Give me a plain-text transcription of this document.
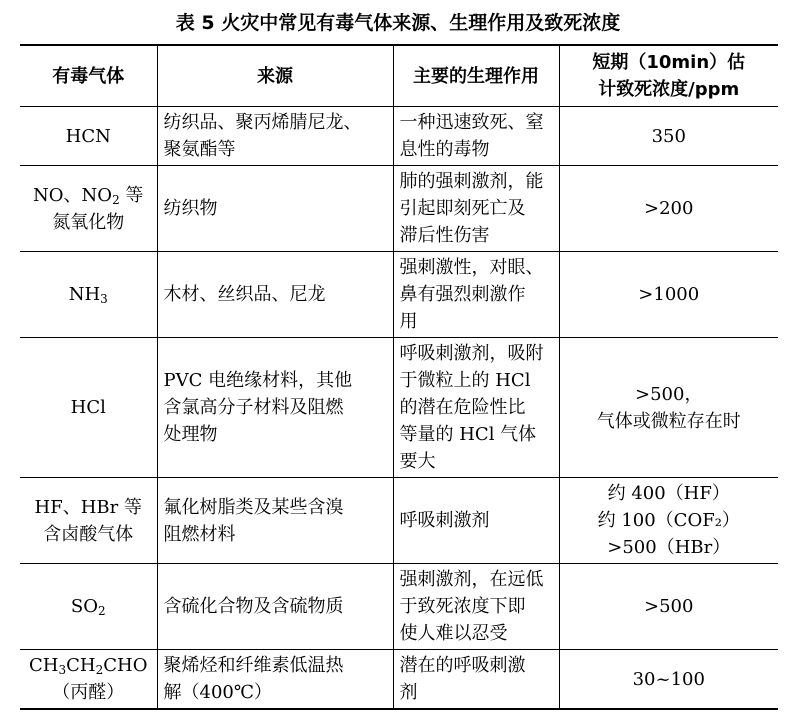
表 5 火灾中常见有毒气体来源、生理作用及致死浓度
有毒气体	来源	主要的生理作用	短期（10min）估
计致死浓度/ppm

HCN	纺织品、聚丙烯腈尼龙、
聚氨酯等	一种迅速致死、窒
息性的毒物	350

NO、$NO_2$ 等
氮氧化物	纺织物	肺的强刺激剂，能
引起即刻死亡及
滞后性伤害	>200

$NH_3$	木材、丝织品、尼龙	强刺激性，对眼、
鼻有强烈刺激作
用	>1000

HCl	PVC 电绝缘材料，其他
含氯高分子材料及阻燃
处理物	呼吸刺激剂，吸附
于微粒上的 HCl
的潜在危险性比
等量的 HCl 气体
要大	>500，
气体或微粒存在时

HF、HBr 等
含卤酸气体	氟化树脂类及某些含溴
阻燃材料	呼吸刺激剂	约 400（HF）
约 100（COF₂）
>500（HBr）

$SO_2$	含硫化合物及含硫物质	强刺激剂，在远低
于致死浓度下即
使人难以忍受	>500

$CH_3CH_2CHO$
（丙醛）	聚烯烃和纤维素低温热
解（400℃）	潜在的呼吸刺激
剂	30~100
